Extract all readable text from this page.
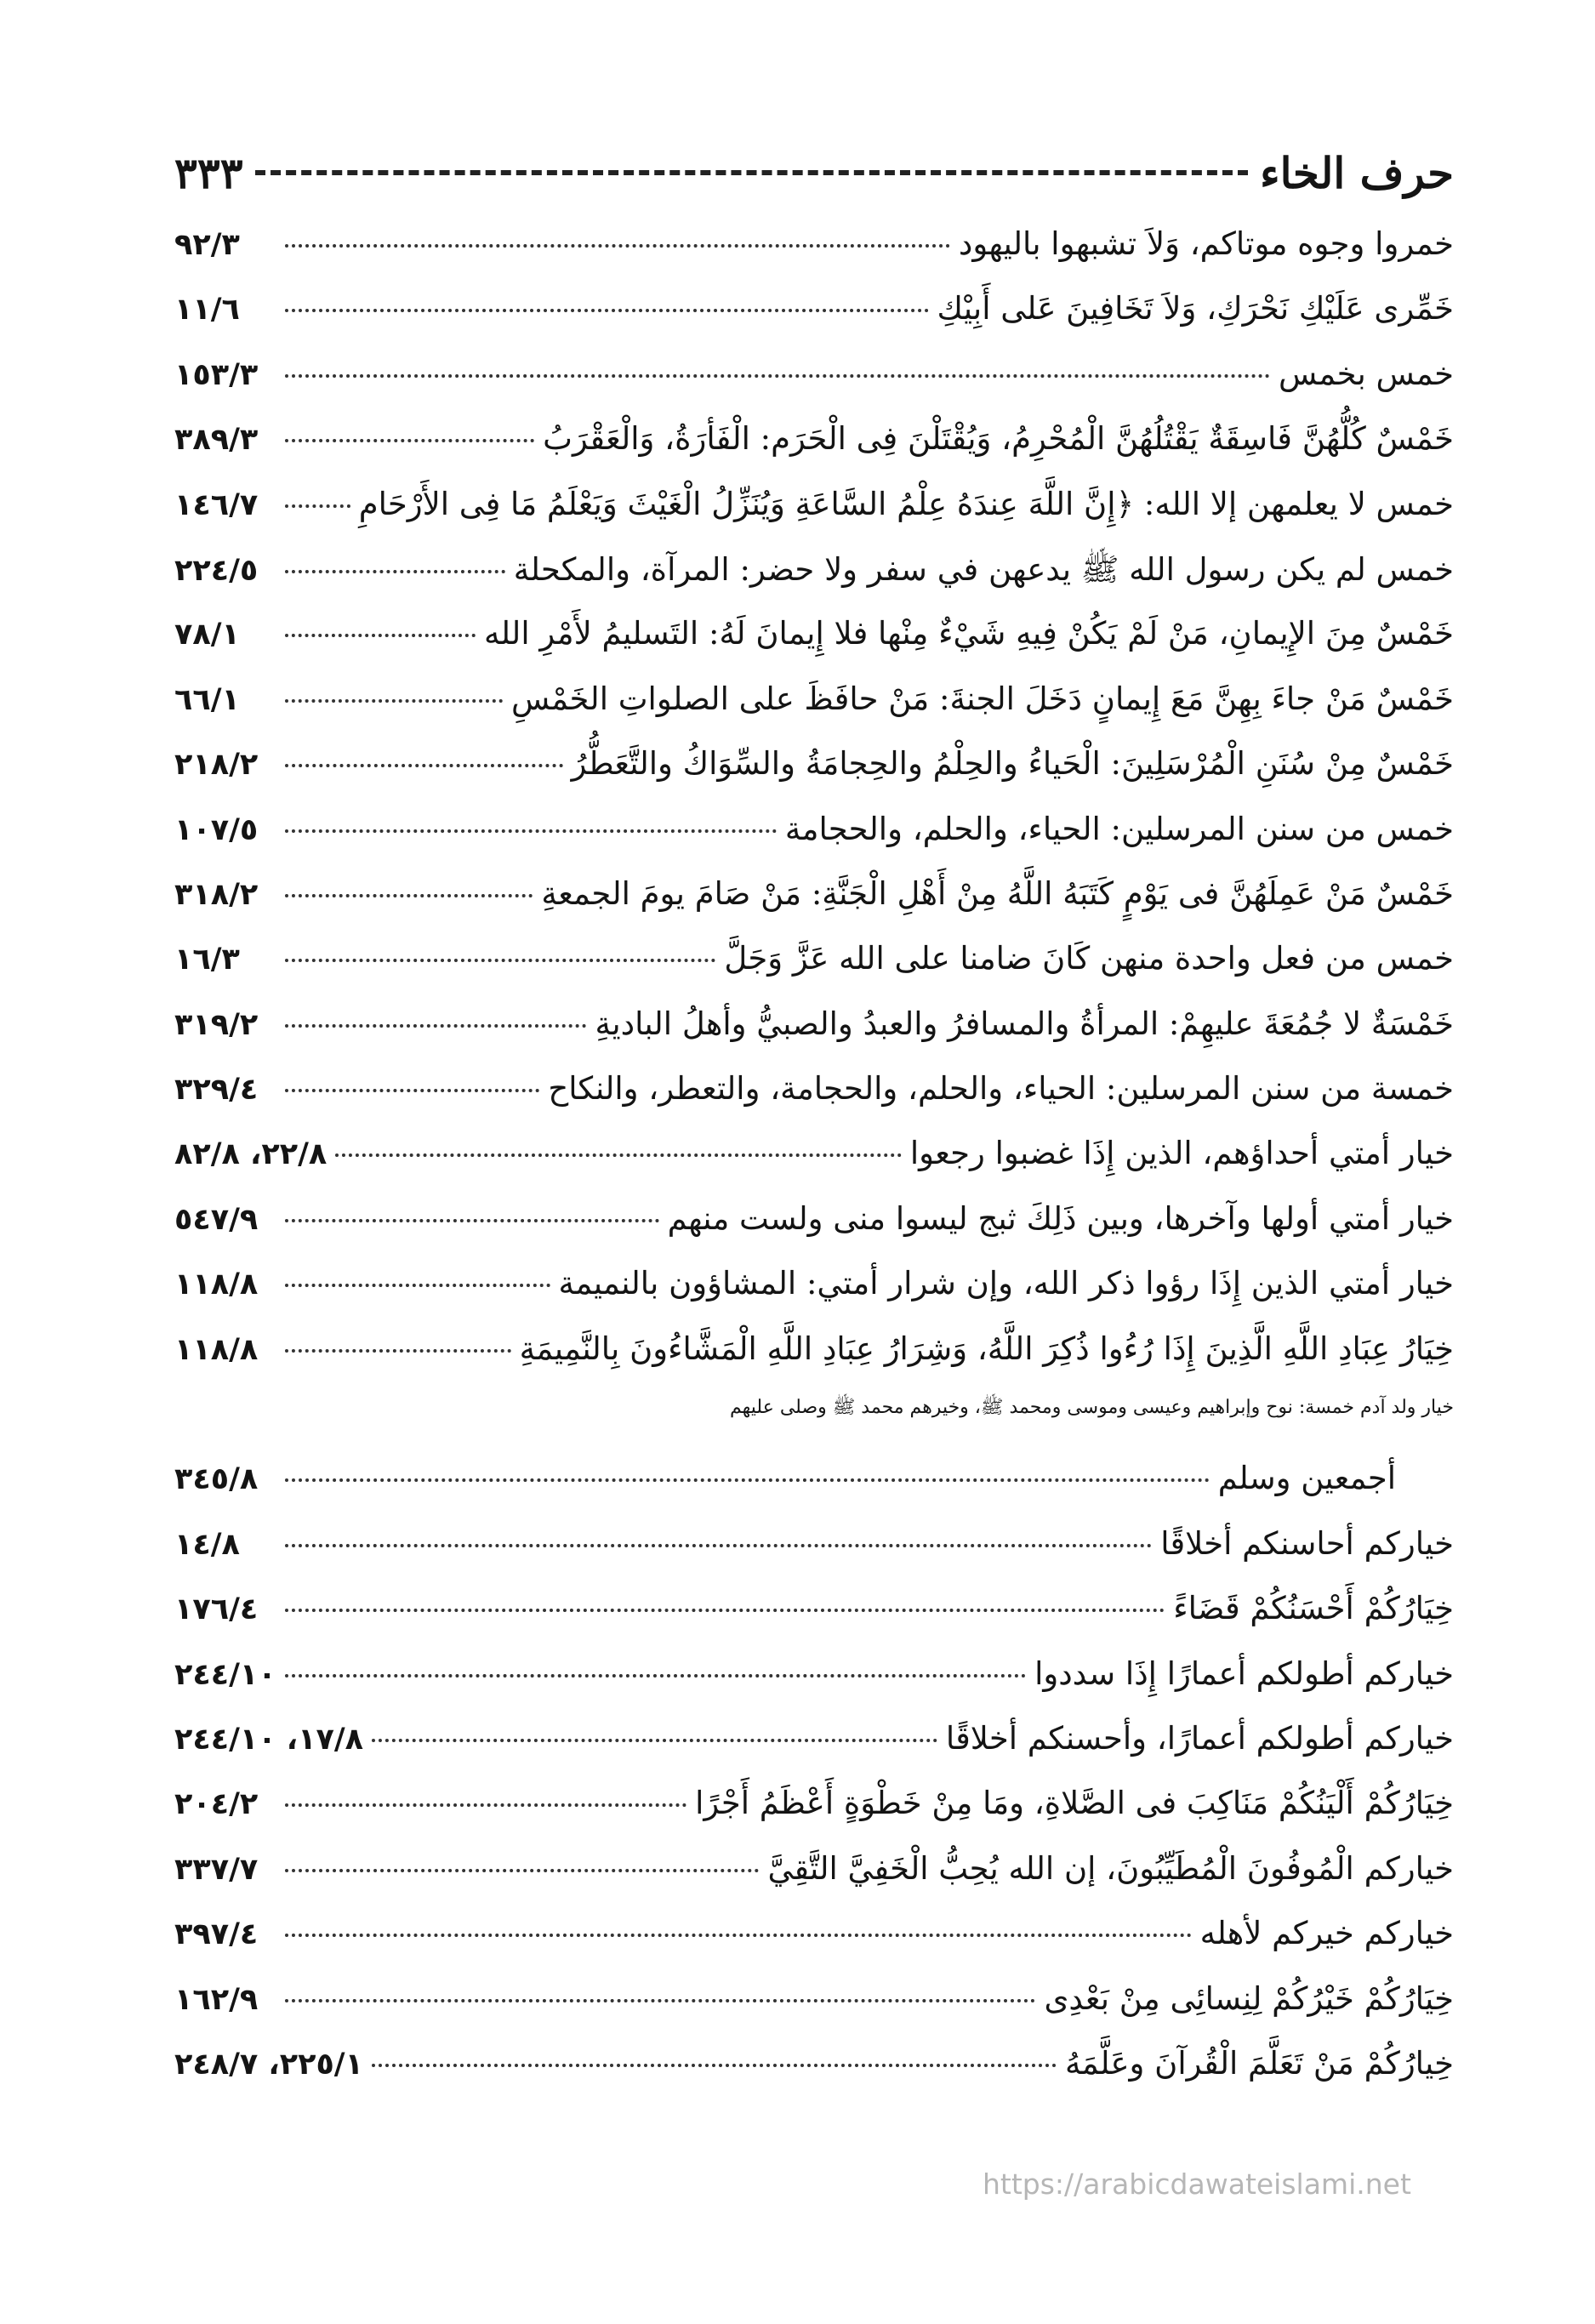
حرف الخاء
٣٣٣
خمروا وجوه موتاكم، وَلاَ تشبهوا باليهود
٩٢/٣
خَمِّرى عَلَيْكِ نَحْرَكِ، وَلاَ تَخَافِينَ عَلى أَبِيْكِ
١١/٦
خمس بخمس
١٥٣/٣
خَمْسٌ كُلُّهُنَّ فَاسِقَةٌ يَقْتُلُهُنَّ الْمُحْرِمُ، وَيُقْتَلْنَ فِى الْحَرَم: الْفَأرَةُ، وَالْعَقْرَبُ
٣٨٩/٣
خمس لا يعلمهن إلا الله: ﴿إِنَّ اللَّهَ عِندَهُ عِلْمُ السَّاعَةِ وَيُنَزِّلُ الْغَيْثَ وَيَعْلَمُ مَا فِى الأَرْحَامِ
١٤٦/٧
خمس لم يكن رسول الله ﷺ يدعهن في سفر ولا حضر: المرآة، والمكحلة
٢٢٤/٥
خَمْسٌ مِنَ الإِيمانِ، مَنْ لَمْ يَكُنْ فِيهِ شَيْءٌ مِنْها فلا إِيمانَ لَهُ: التَسليمُ لأَمْرِ الله
٧٨/١
خَمْسٌ مَنْ جاءَ بِهِنَّ مَعَ إِيمانٍ دَخَلَ الجنةَ: مَنْ حافَظَ على الصلواتِ الخَمْسِ
٦٦/١
خَمْسٌ مِنْ سُنَنِ الْمُرْسَلِينَ: الْحَياءُ والحِلْمُ والحِجامَةُ والسِّوَاكُ والتَّعَطُّرُ
٢١٨/٢
خمس من سنن المرسلين: الحياء، والحلم، والحجامة
١٠٧/٥
خَمْسٌ مَنْ عَمِلَهُنَّ فى يَوْمٍ كَتَبَهُ اللَّهُ مِنْ أَهْلِ الْجَنَّةِ: مَنْ صَامَ يومَ الجمعةِ
٣١٨/٢
خمس من فعل واحدة منهن كَانَ ضامنا على الله عَزَّ وَجَلَّ
١٦/٣
خَمْسَةٌ لا جُمُعَةَ عليهِمْ: المرأةُ والمسافرُ والعبدُ والصبيُّ وأهلُ الباديةِ
٣١٩/٢
خمسة من سنن المرسلين: الحياء، والحلم، والحجامة، والتعطر، والنكاح
٣٢٩/٤
خيار أمتي أحداؤهم، الذين إِذَا غضبوا رجعوا
٢٢/٨، ٨٢/٨
خيار أمتي أولها وآخرها، وبين ذَلِكَ ثبج ليسوا منى ولست منهم
٥٤٧/٩
خيار أمتي الذين إِذَا رؤوا ذكر الله، وإن شرار أمتي: المشاؤون بالنميمة
١١٨/٨
خِيَارُ عِبَادِ اللَّهِ الَّذِينَ إِذَا رُءُوا ذُكِرَ اللَّهُ، وَشِرَارُ عِبَادِ اللَّهِ الْمَشَّاءُونَ بِالنَّمِيمَةِ
١١٨/٨
خيار ولد آدم خمسة: نوح وإبراهيم وعيسى وموسى ومحمد ﷺ، وخيرهم محمد ﷺ وصلى عليهم
أجمعين وسلم
٣٤٥/٨
خياركم أحاسنكم أخلاقًا
١٤/٨
خِيَارُكُمْ أَحْسَنُكُمْ قَضَاءً
١٧٦/٤
خياركم أطولكم أعمارًا إِذَا سددوا
٢٤٤/١٠
خياركم أطولكم أعمارًا، وأحسنكم أخلاقًا
١٧/٨، ٢٤٤/١٠
خِيَارُكُمْ أَلْيَنُكُمْ مَنَاكِبَ فى الصَّلاةِ، ومَا مِنْ خَطْوَةٍ أَعْظَمُ أَجْرًا
٢٠٤/٢
خياركم الْمُوفُونَ الْمُطَيِّبُونَ، إن الله يُحِبُّ الْخَفِيَّ التَّقِيَّ
٣٣٧/٧
خياركم خيركم لأهله
٣٩٧/٤
خِيَارُكُمْ خَيْرُكُمْ لِنِسائِى مِنْ بَعْدِى
١٦٢/٩
خِيارُكُمْ مَنْ تَعَلَّمَ الْقُرآنَ وعَلَّمَهُ
٢٢٥/١، ٢٤٨/٧
https://arabicdawateislami.net
